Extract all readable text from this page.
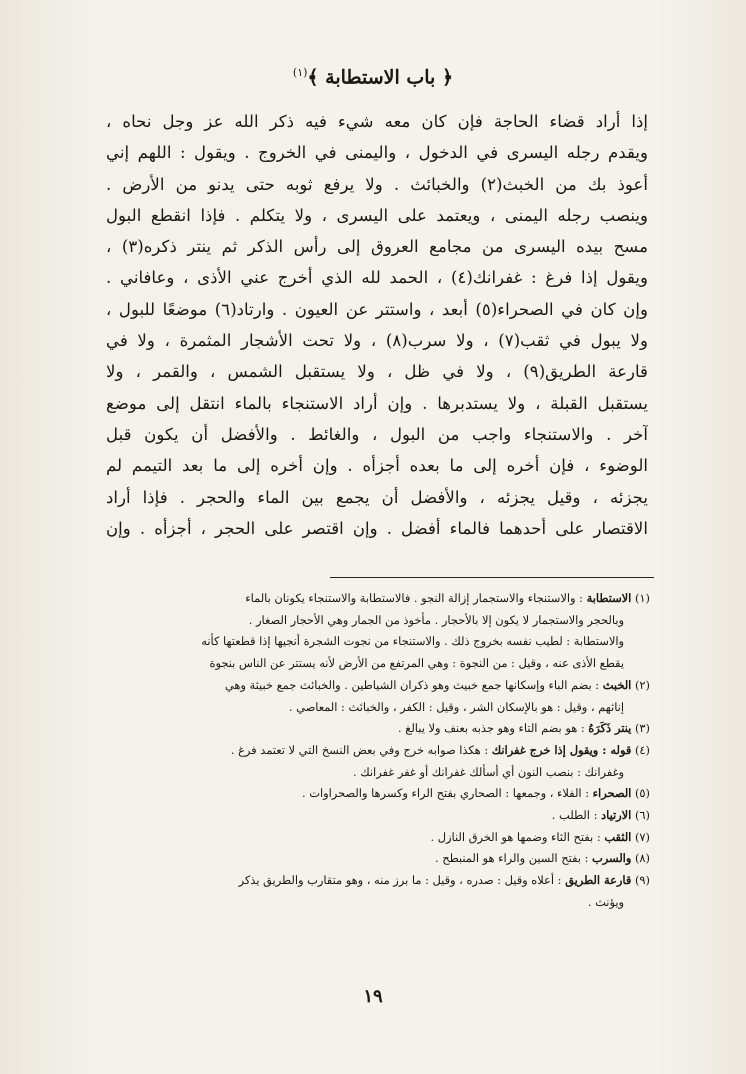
﴿ باب الاستطابة ﴾$^{(١)}$

إذا أراد قضاء الحاجة فإن كان معه شيء فيه ذكر الله عز وجل نحاه ،

ويقدم رجله اليسرى في الدخول ، واليمنى في الخروج . ويقول : اللهم إني

أعوذ بك من الخبث(٢) والخبائث . ولا يرفع ثوبه حتى يدنو من الأرض .

وينصب رجله اليمنى ، ويعتمد على اليسرى ، ولا يتكلم . فإذا انقطع البول

مسح بيده اليسرى من مجامع العروق إلى رأس الذكر ثم ينتر ذكره(٣) ،

ويقول إذا فرغ : غفرانك(٤) ، الحمد لله الذي أخرج عني الأذى ، وعافاني .

وإن كان في الصحراء(٥) أبعد ، واستتر عن العيون . وارتاد(٦) موضعًا للبول ،

ولا يبول في ثقب(٧) ، ولا سرب(٨) ، ولا تحت الأشجار المثمرة ، ولا في

قارعة الطريق(٩) ، ولا في ظل ، ولا يستقبل الشمس ، والقمر ، ولا

يستقبل القبلة ، ولا يستدبرها . وإن أراد الاستنجاء بالماء انتقل إلى موضع

آخر . والاستنجاء واجب من البول ، والغائط . والأفضل أن يكون قبل

الوضوء ، فإن أخره إلى ما بعده أجزأه . وإن أخره إلى ما بعد التيمم لم

يجزئه ، وقيل يجزئه ، والأفضل أن يجمع بين الماء والحجر . فإذا أراد

الاقتصار على أحدهما فالماء أفضل . وإن اقتصر على الحجر ، أجزأه . وإن

(١) الاستطابة : والاستنجاء والاستجمار إزالة النجو . فالاستطابة والاستنجاء يكونان بالماء

وبالحجر والاستجمار لا يكون إلا بالأحجار . مأخوذ من الجمار وهي الأحجار الصغار .

والاستطابة : لطيب نفسه بخروج ذلك . والاستنجاء من نجوت الشجرة أنجيها إذا قطعتها كأنه

يقطع الأذى عنه ، وقيل : من النجوة : وهي المرتفع من الأرض لأنه يستتر عن الناس بنجوة

(٢) الخبث : بضم الباء وإسكانها جمع خبيث وهو ذكران الشياطين . والخبائث جمع خبيثة وهي

إناثهم ، وقيل : هو بالإسكان الشر ، وقيل : الكفر ، والخبائث : المعاصي .

(٣) ينتر ذَكَرَهُ : هو بضم التاء وهو جذبه بعنف ولا يبالغ .

(٤) قوله : ويقول إذا خرج غفرانك : هكذا صوابه خرج وفي بعض النسخ التي لا تعتمد فرغ .

وغفرانك : بنصب النون أي أسألك غفرانك أو غفر غفرانك .

(٥) الصحراء : الفلاء ، وجمعها : الصحاري بفتح الراء وكسرها والصحراوات .

(٦) الارتياد : الطلب .

(٧) الثقب : بفتح الثاء وضمها هو الخرق النازل .

(٨) والسرب : بفتح السين والراء هو المنبطح .

(٩) قارعة الطريق : أعلاه وقيل : صدره ، وقيل : ما برز منه ، وهو متقارب والطريق يذكر

ويؤنث .

١٩
